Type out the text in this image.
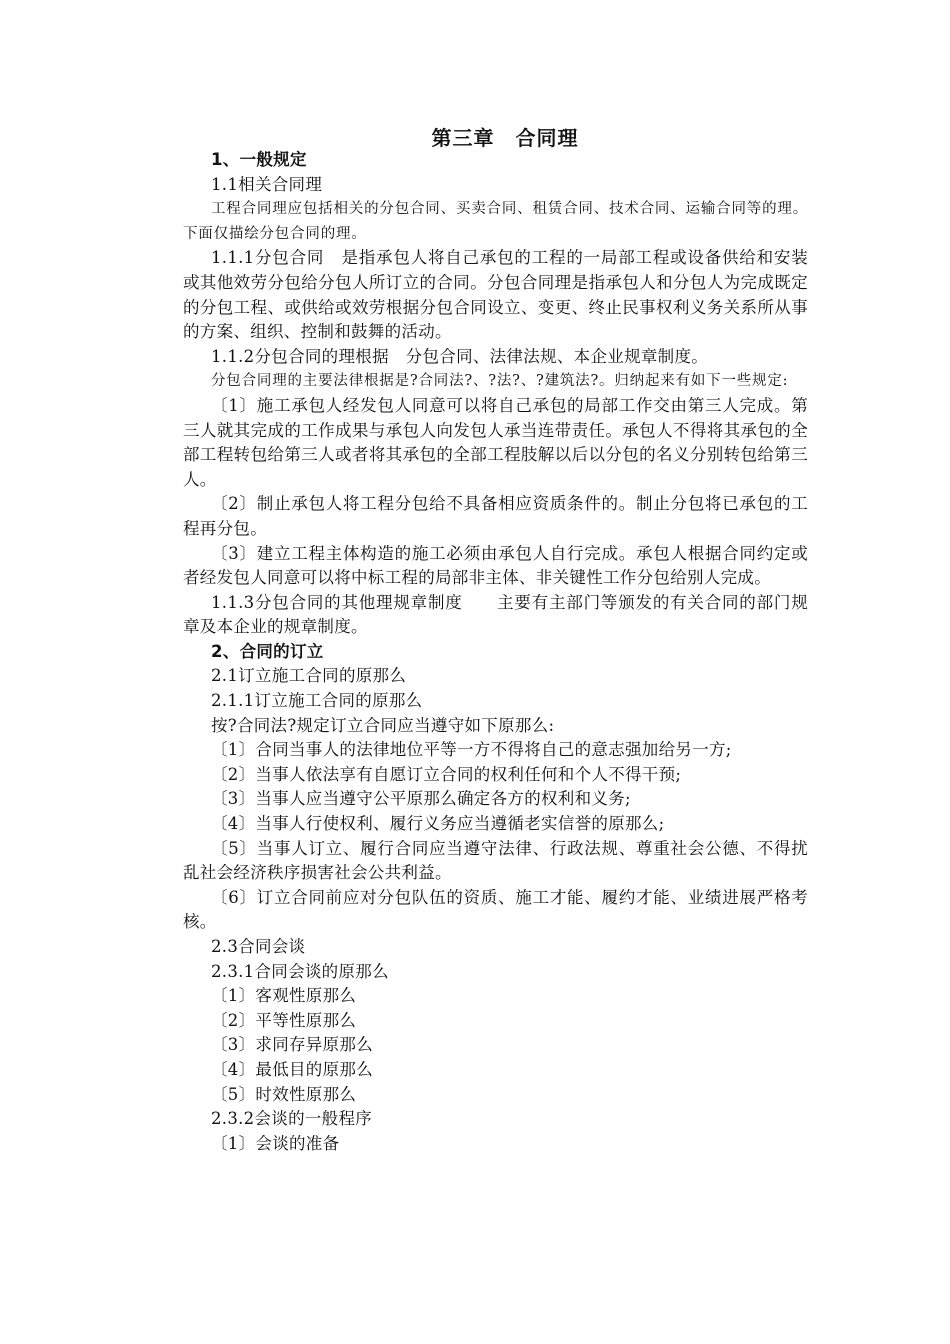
第三章　合同理

1、一般规定

1.1相关合同理

工程合同理应包括相关的分包合同、买卖合同、租赁合同、技术合同、运输合同等的理。下面仅描绘分包合同的理。

1.1.1分包合同　是指承包人将自己承包的工程的一局部工程或设备供给和安装或其他效劳分包给分包人所订立的合同。分包合同理是指承包人和分包人为完成既定的分包工程、或供给或效劳根据分包合同设立、变更、终止民事权利义务关系所从事的方案、组织、控制和鼓舞的活动。

1.1.2分包合同的理根据　分包合同、法律法规、本企业规章制度。

分包合同理的主要法律根据是?合同法?、?法?、?建筑法?。归纳起来有如下一些规定:

〔1〕施工承包人经发包人同意可以将自己承包的局部工作交由第三人完成。第三人就其完成的工作成果与承包人向发包人承当连带责任。承包人不得将其承包的全部工程转包给第三人或者将其承包的全部工程肢解以后以分包的名义分别转包给第三人。

〔2〕制止承包人将工程分包给不具备相应资质条件的。制止分包将已承包的工程再分包。

〔3〕建立工程主体构造的施工必须由承包人自行完成。承包人根据合同约定或者经发包人同意可以将中标工程的局部非主体、非关键性工作分包给别人完成。

1.1.3分包合同的其他理规章制度　　主要有主部门等颁发的有关合同的部门规章及本企业的规章制度。

2、合同的订立

2.1订立施工合同的原那么

2.1.1订立施工合同的原那么

按?合同法?规定订立合同应当遵守如下原那么:

〔1〕合同当事人的法律地位平等一方不得将自己的意志强加给另一方;

〔2〕当事人依法享有自愿订立合同的权利任何和个人不得干预;

〔3〕当事人应当遵守公平原那么确定各方的权利和义务;

〔4〕当事人行使权利、履行义务应当遵循老实信誉的原那么;

〔5〕当事人订立、履行合同应当遵守法律、行政法规、尊重社会公德、不得扰乱社会经济秩序损害社会公共利益。

〔6〕订立合同前应对分包队伍的资质、施工才能、履约才能、业绩进展严格考核。

2.3合同会谈

2.3.1合同会谈的原那么

〔1〕客观性原那么

〔2〕平等性原那么

〔3〕求同存异原那么

〔4〕最低目的原那么

〔5〕时效性原那么

2.3.2会谈的一般程序

〔1〕会谈的准备
